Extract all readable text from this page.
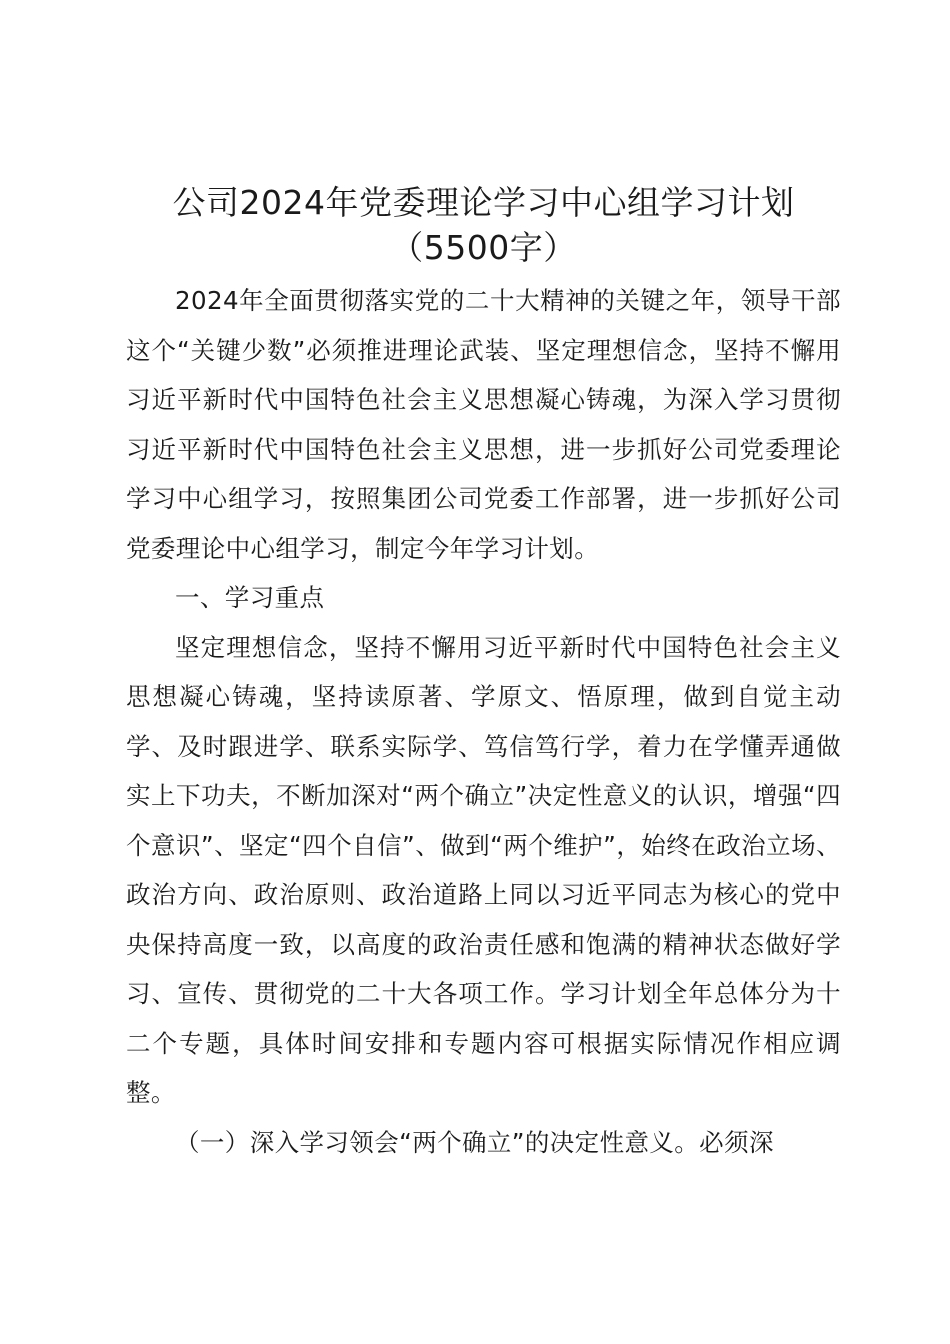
公司2024年党委理论学习中心组学习计划
（5500字）

2024年全面贯彻落实党的二十大精神的关键之年，领导干部这个“关键少数”必须推进理论武装、坚定理想信念，坚持不懈用习近平新时代中国特色社会主义思想凝心铸魂，为深入学习贯彻习近平新时代中国特色社会主义思想，进一步抓好公司党委理论学习中心组学习，按照集团公司党委工作部署，进一步抓好公司党委理论中心组学习，制定今年学习计划。

一、学习重点

坚定理想信念，坚持不懈用习近平新时代中国特色社会主义思想凝心铸魂，坚持读原著、学原文、悟原理，做到自觉主动学、及时跟进学、联系实际学、笃信笃行学，着力在学懂弄通做实上下功夫，不断加深对“两个确立”决定性意义的认识，增强“四个意识”、坚定“四个自信”、做到“两个维护”，始终在政治立场、政治方向、政治原则、政治道路上同以习近平同志为核心的党中央保持高度一致，以高度的政治责任感和饱满的精神状态做好学习、宣传、贯彻党的二十大各项工作。学习计划全年总体分为十二个专题，具体时间安排和专题内容可根据实际情况作相应调整。

（一）深入学习领会“两个确立”的决定性意义。必须深
